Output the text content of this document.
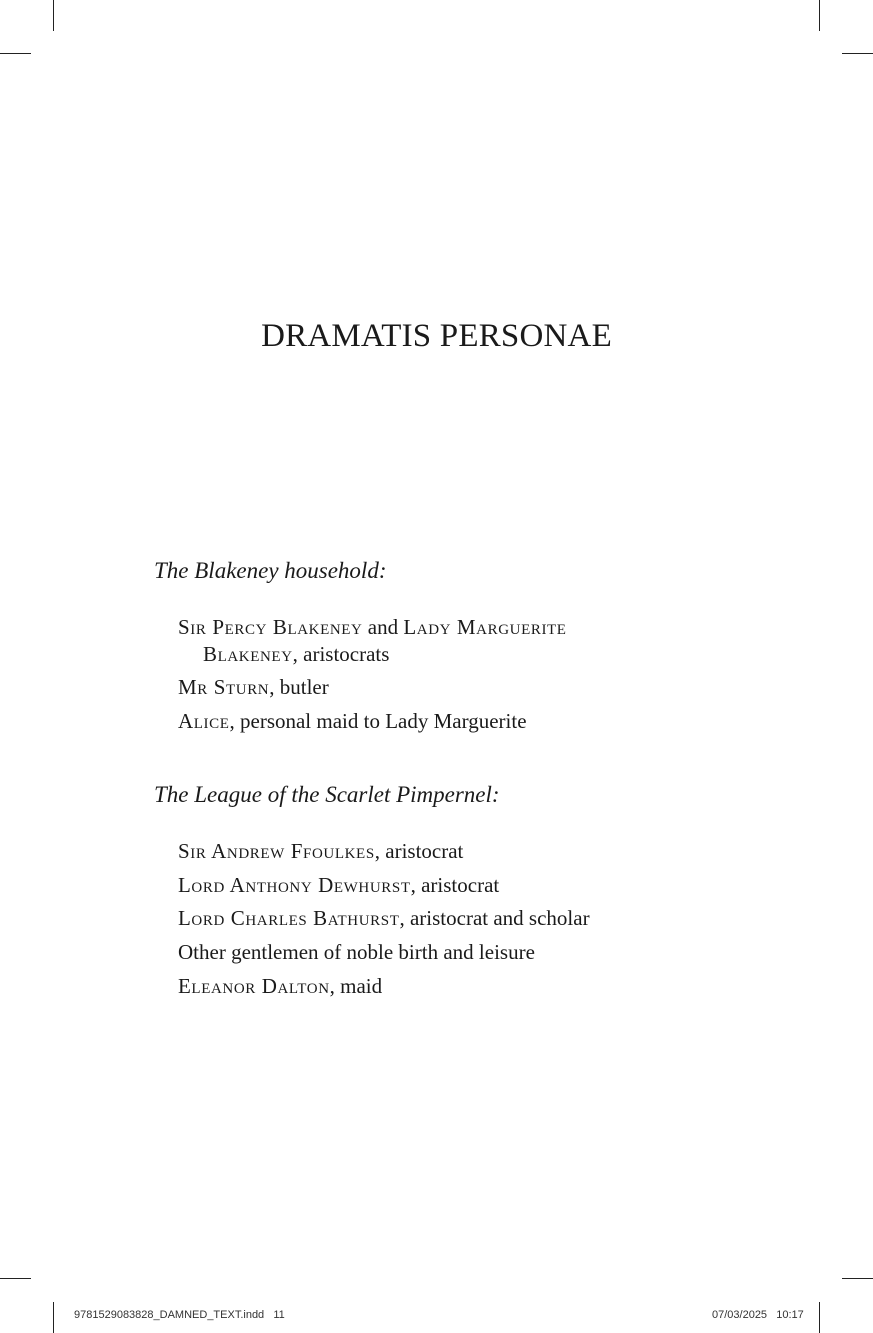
DRAMATIS PERSONAE
The Blakeney household:
Sir Percy Blakeney and Lady Marguerite
Blakeney, aristocrats
Mr Sturn, butler
Alice, personal maid to Lady Marguerite
The League of the Scarlet Pimpernel:
Sir Andrew Ffoulkes, aristocrat
Lord Anthony Dewhurst, aristocrat
Lord Charles Bathurst, aristocrat and scholar
Other gentlemen of noble birth and leisure
Eleanor Dalton, maid
9781529083828_DAMNED_TEXT.indd   11	07/03/2025   10:17
